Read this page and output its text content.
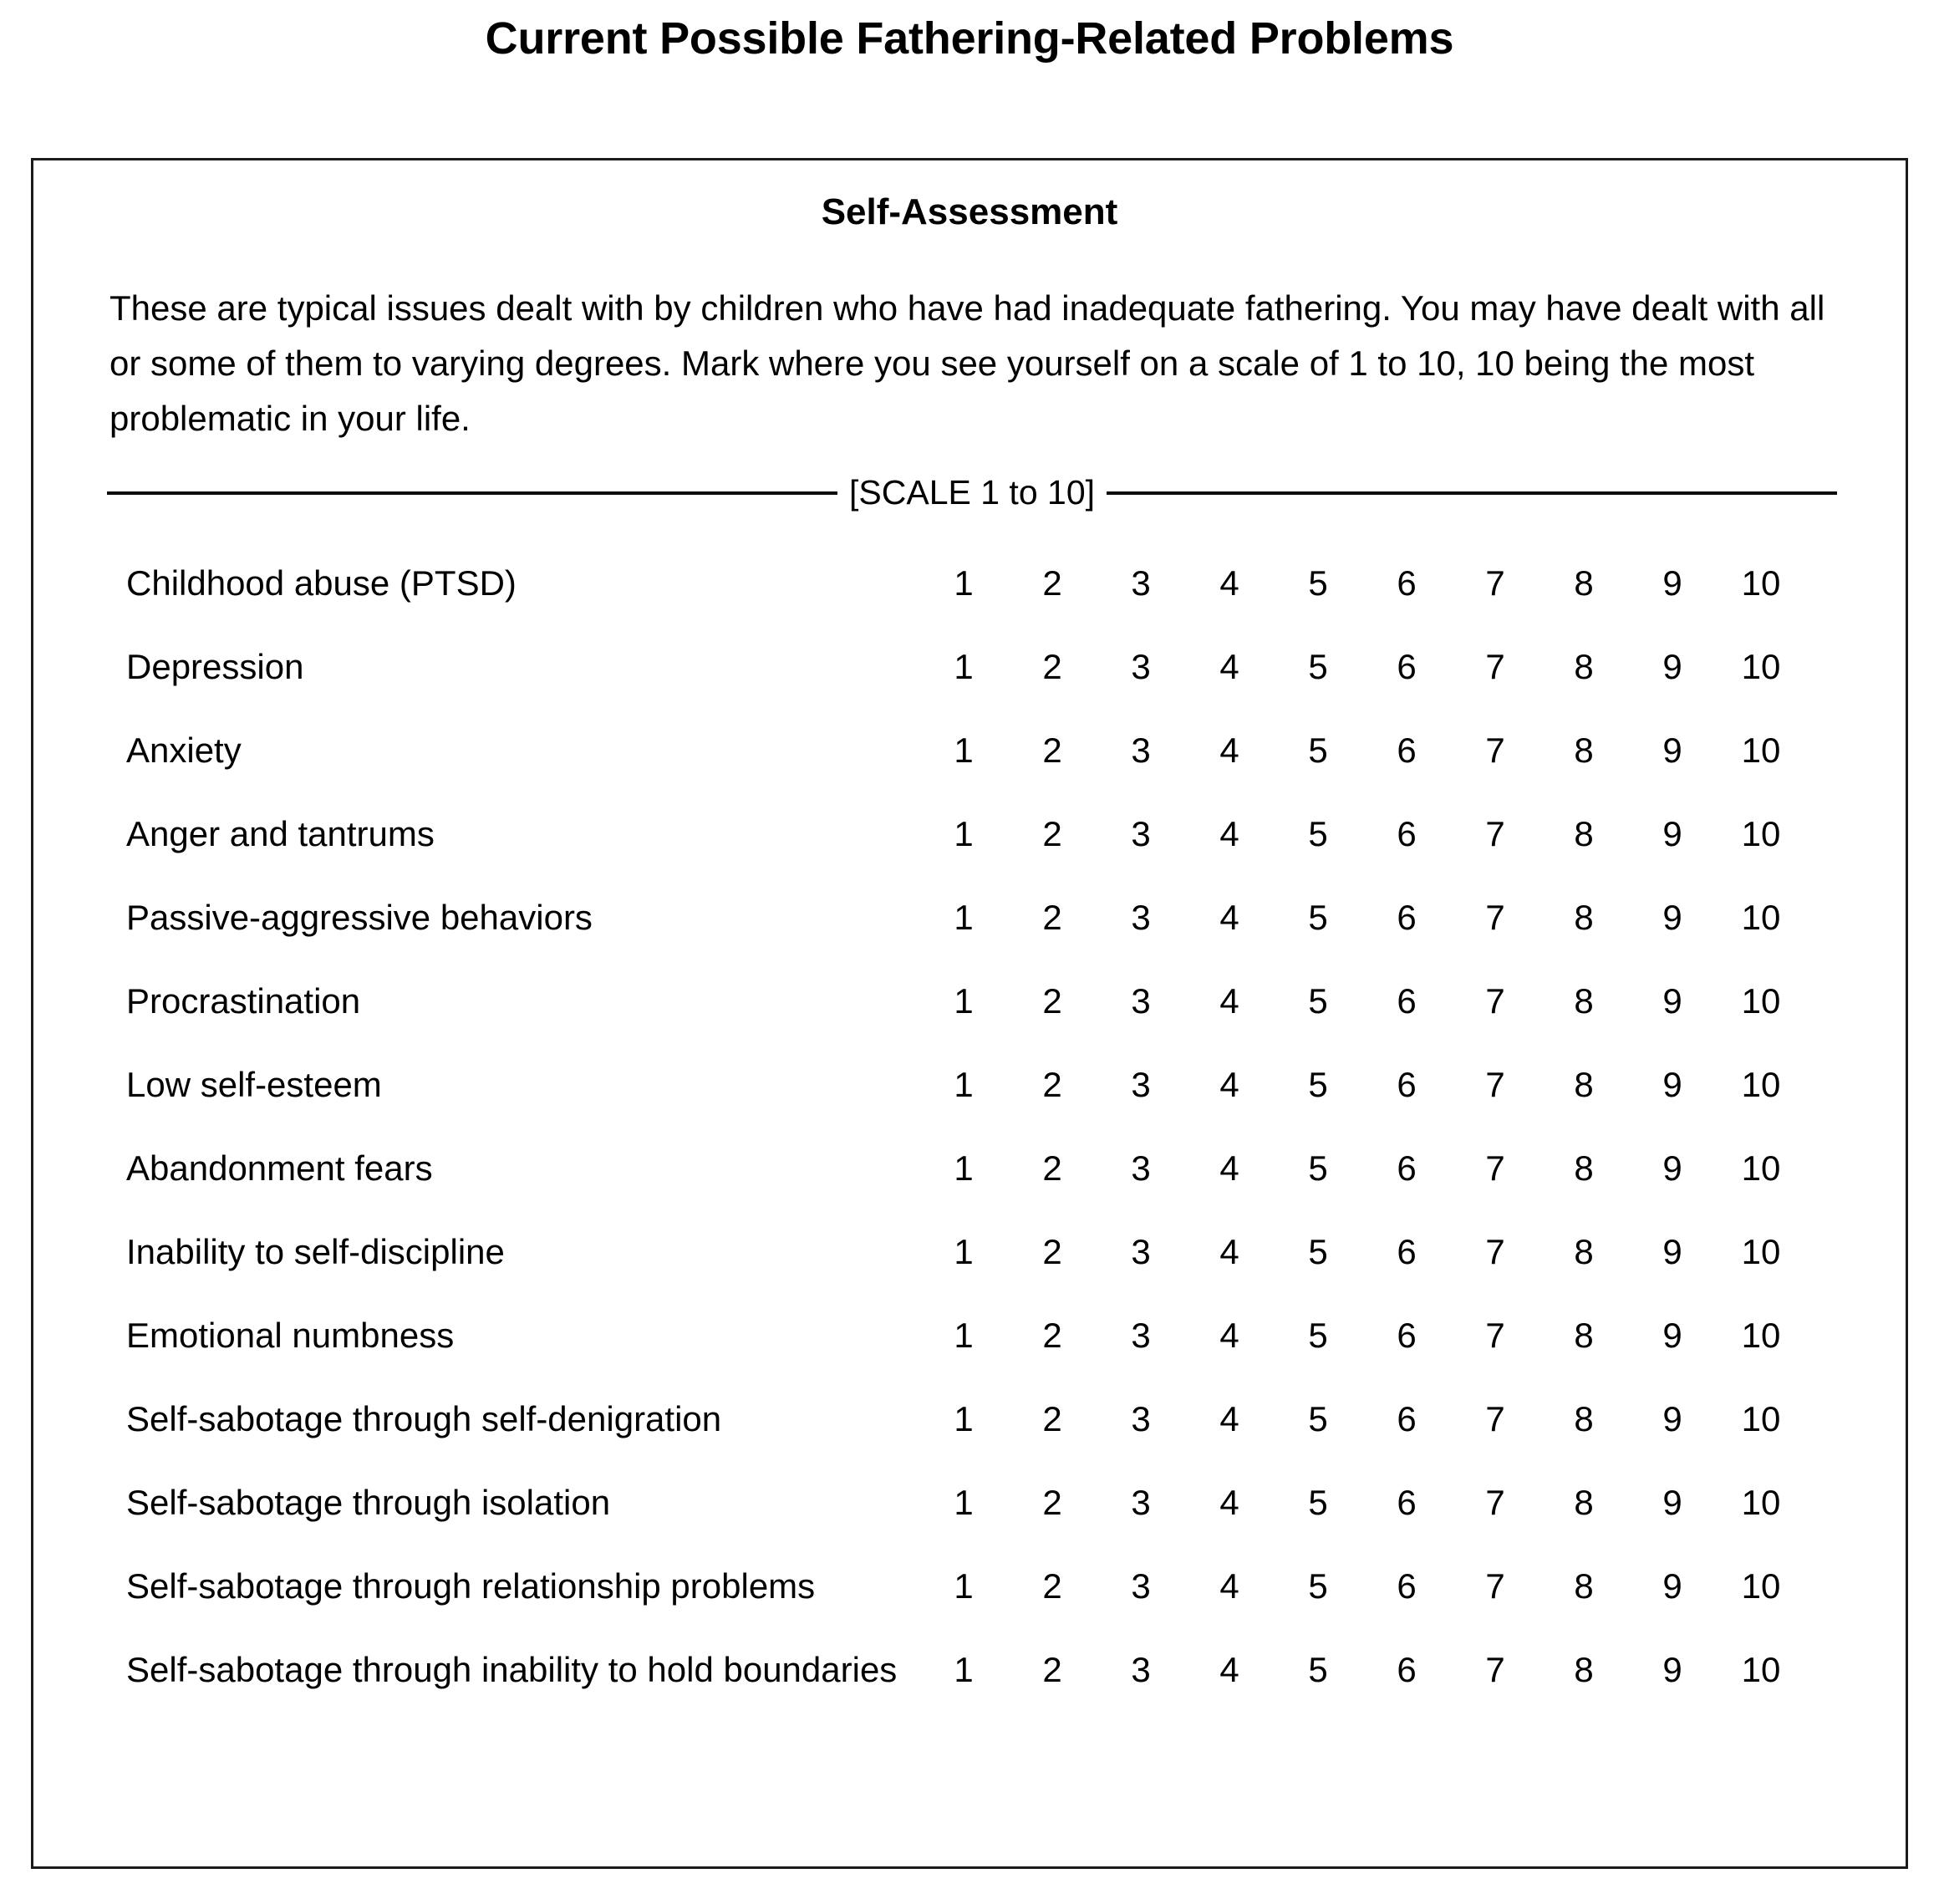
Current Possible Fathering-Related Problems
Self-Assessment
These are typical issues dealt with by children who have had inadequate fathering. You may have dealt with all or some of them to varying degrees. Mark where you see yourself on a scale of 1 to 10, 10 being the most problematic in your life.
[SCALE 1 to 10]
Childhood abuse (PTSD)	1	2	3	4	5	6	7	8	9	10
Depression	1	2	3	4	5	6	7	8	9	10
Anxiety	1	2	3	4	5	6	7	8	9	10
Anger and tantrums	1	2	3	4	5	6	7	8	9	10
Passive-aggressive behaviors	1	2	3	4	5	6	7	8	9	10
Procrastination	1	2	3	4	5	6	7	8	9	10
Low self-esteem	1	2	3	4	5	6	7	8	9	10
Abandonment fears	1	2	3	4	5	6	7	8	9	10
Inability to self-discipline	1	2	3	4	5	6	7	8	9	10
Emotional numbness	1	2	3	4	5	6	7	8	9	10
Self-sabotage through self-denigration	1	2	3	4	5	6	7	8	9	10
Self-sabotage through isolation	1	2	3	4	5	6	7	8	9	10
Self-sabotage through relationship problems	1	2	3	4	5	6	7	8	9	10
Self-sabotage through inability to hold boundaries	1	2	3	4	5	6	7	8	9	10
